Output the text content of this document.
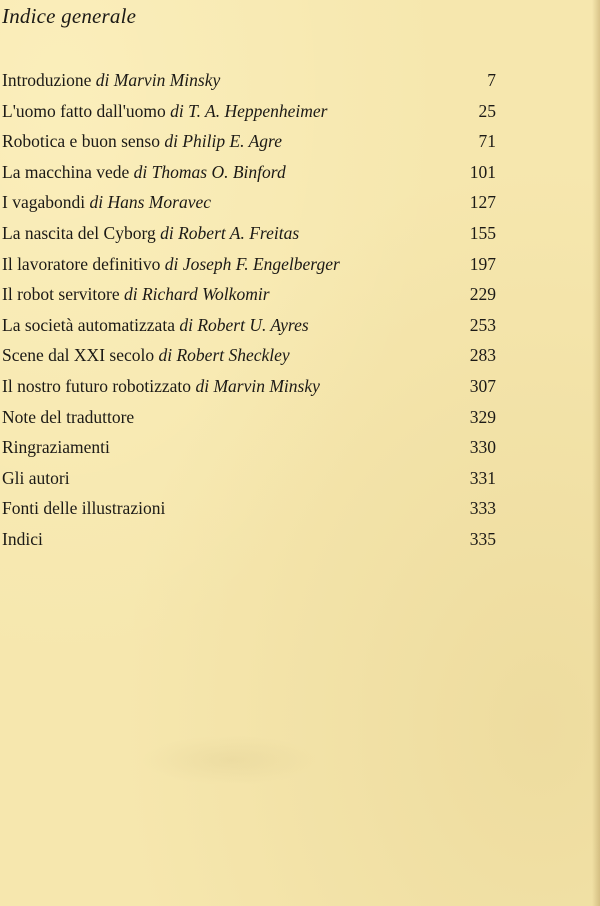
Indice generale
Introduzione di Marvin Minsky	7
L'uomo fatto dall'uomo di T. A. Heppenheimer	25
Robotica e buon senso di Philip E. Agre	71
La macchina vede di Thomas O. Binford	101
I vagabondi di Hans Moravec	127
La nascita del Cyborg di Robert A. Freitas	155
Il lavoratore definitivo di Joseph F. Engelberger	197
Il robot servitore di Richard Wolkomir	229
La società automatizzata di Robert U. Ayres	253
Scene dal XXI secolo di Robert Sheckley	283
Il nostro futuro robotizzato di Marvin Minsky	307
Note del traduttore	329
Ringraziamenti	330
Gli autori	331
Fonti delle illustrazioni	333
Indici	335
